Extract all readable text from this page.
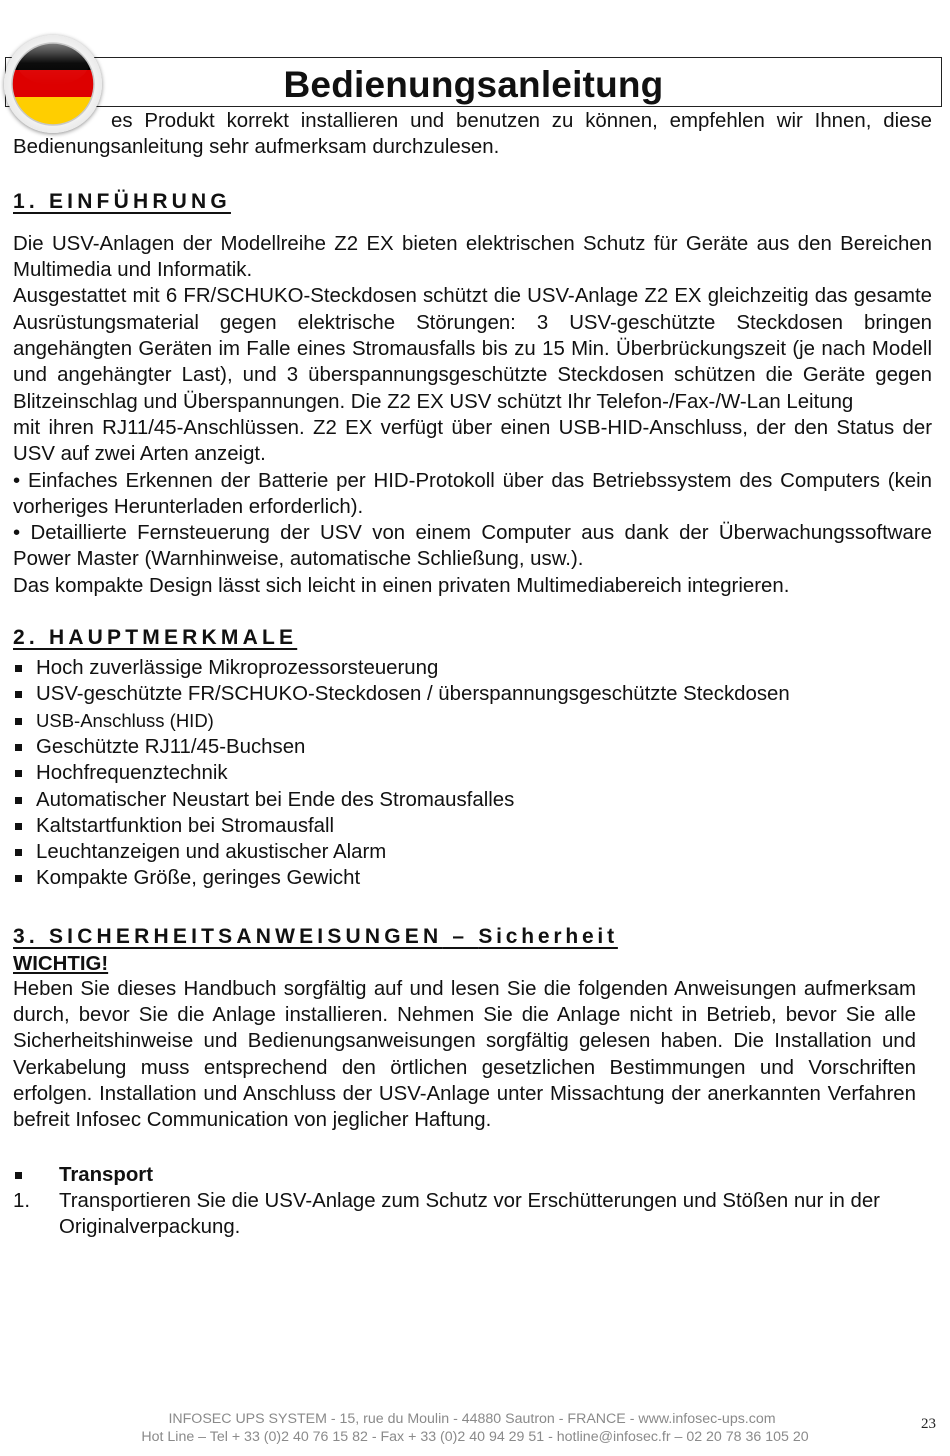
Bedienungsanleitung

es Produkt korrekt installieren und benutzen zu können, empfehlen wir Ihnen, diese Bedienungsanleitung sehr aufmerksam durchzulesen.

1. EINFÜHRUNG

Die USV-Anlagen der Modellreihe Z2 EX bieten elektrischen Schutz für Geräte aus den Bereichen Multimedia und Informatik.

Ausgestattet mit 6 FR/SCHUKO-Steckdosen schützt die USV-Anlage Z2 EX gleichzeitig das gesamte Ausrüstungsmaterial gegen elektrische Störungen: 3 USV-geschützte Steckdosen bringen angehängten Geräten im Falle eines Stromausfalls bis zu 15 Min. Überbrückungszeit (je nach Modell und angehängter Last), und 3 überspannungsgeschützte Steckdosen schützen die Geräte gegen Blitzeinschlag und Überspannungen. Die Z2 EX USV schützt Ihr Telefon-/Fax-/W-Lan Leitung

mit ihren RJ11/45-Anschlüssen. Z2 EX verfügt über einen USB-HID-Anschluss, der den Status der USV auf zwei Arten anzeigt.

• Einfaches Erkennen der Batterie per HID-Protokoll über das Betriebssystem des Computers (kein vorheriges Herunterladen erforderlich).

• Detaillierte Fernsteuerung der USV von einem Computer aus dank der Überwachungssoftware Power Master (Warnhinweise, automatische Schließung, usw.).

Das kompakte Design lässt sich leicht in einen privaten Multimediabereich integrieren.

2. HAUPTMERKMALE
Hoch zuverlässige Mikroprozessorsteuerung
USV-geschützte FR/SCHUKO-Steckdosen / überspannungsgeschützte Steckdosen
USB-Anschluss (HID)
Geschützte RJ11/45-Buchsen
Hochfrequenztechnik
Automatischer Neustart bei Ende des Stromausfalles
Kaltstartfunktion bei Stromausfall
Leuchtanzeigen und akustischer Alarm
Kompakte Größe, geringes Gewicht
3. SICHERHEITSANWEISUNGEN – Sicherheit

WICHTIG!

Heben Sie dieses Handbuch sorgfältig auf und lesen Sie die folgenden Anweisungen aufmerksam durch, bevor Sie die Anlage installieren. Nehmen Sie die Anlage nicht in Betrieb, bevor Sie alle Sicherheitshinweise und Bedienungsanweisungen sorgfältig gelesen haben. Die Installation und Verkabelung muss entsprechend den örtlichen gesetzlichen Bestimmungen und Vorschriften erfolgen. Installation und Anschluss der USV-Anlage unter Missachtung der anerkannten Verfahren befreit Infosec Communication von jeglicher Haftung.

Transport
1. Transportieren Sie die USV-Anlage zum Schutz vor Erschütterungen und Stößen nur in der Originalverpackung.
INFOSEC UPS SYSTEM - 15, rue du Moulin - 44880 Sautron - FRANCE - www.infosec-ups.com
Hot Line – Tel + 33 (0)2 40 76 15 82 - Fax + 33 (0)2 40 94 29 51 - hotline@infosec.fr – 02 20 78 36 105 20
23
